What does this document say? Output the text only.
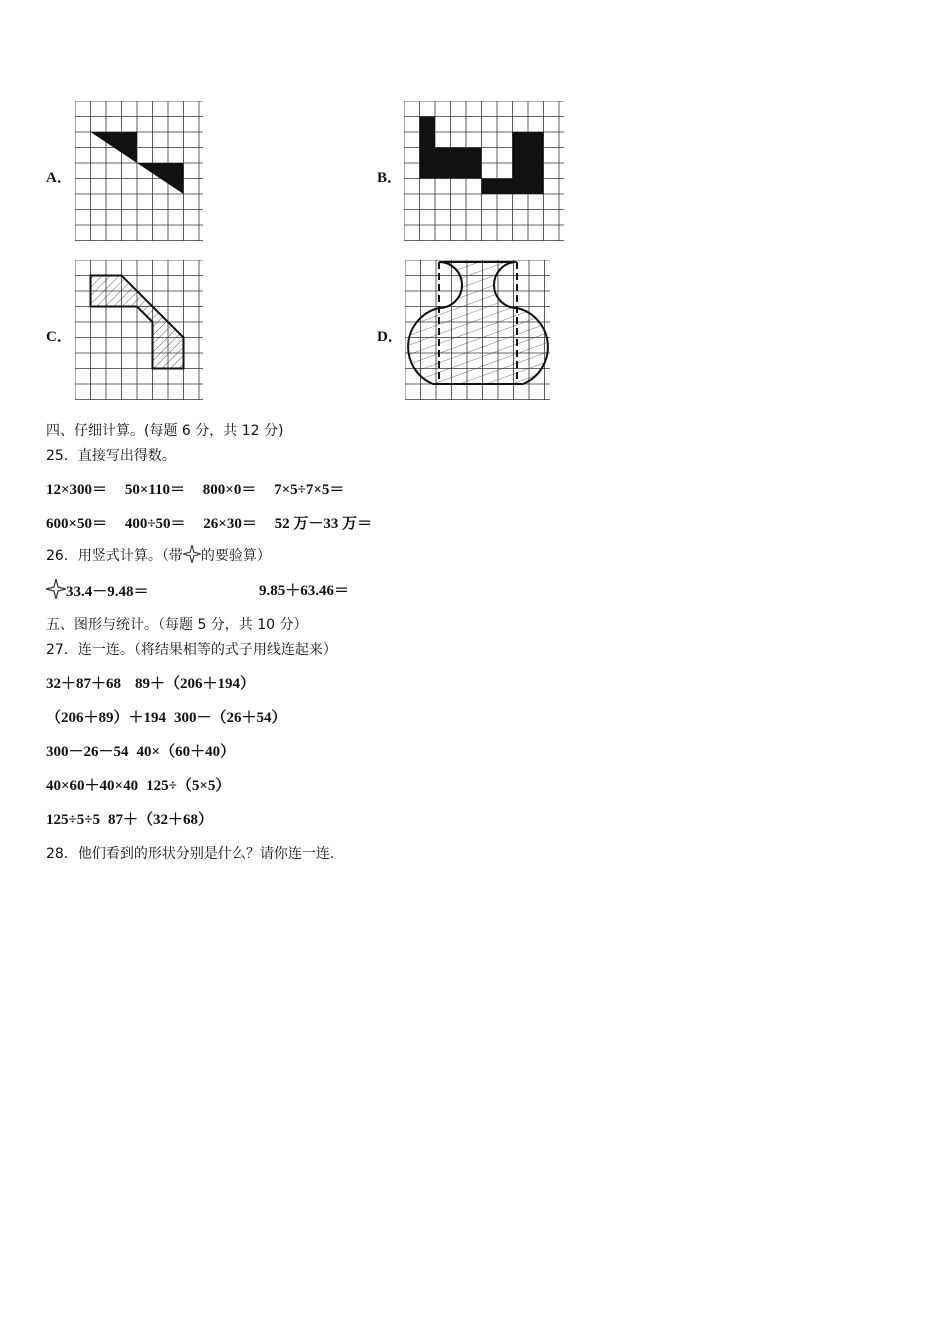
A．	B．
C．	D．
四、仔细计算。(每题 6 分，共 12 分)
25．直接写出得数。
12×300＝ 50×110＝ 800×0＝ 7×5÷7×5＝
600×50＝ 400÷50＝ 26×30＝ 52 万－33 万＝
26．用竖式计算。（带 的要验算）
33.4－9.48＝	9.85＋63.46＝
五、图形与统计。（每题 5 分，共 10 分）
27．连一连。（将结果相等的式子用线连起来）
32＋87＋68 89＋（206＋194）
（206＋89）＋194 300－（26＋54）
300－26－54 40×（60＋40）
40×60＋40×40 125÷（5×5）
125÷5÷5 87＋（32＋68）
28．他们看到的形状分别是什么？请你连一连.
